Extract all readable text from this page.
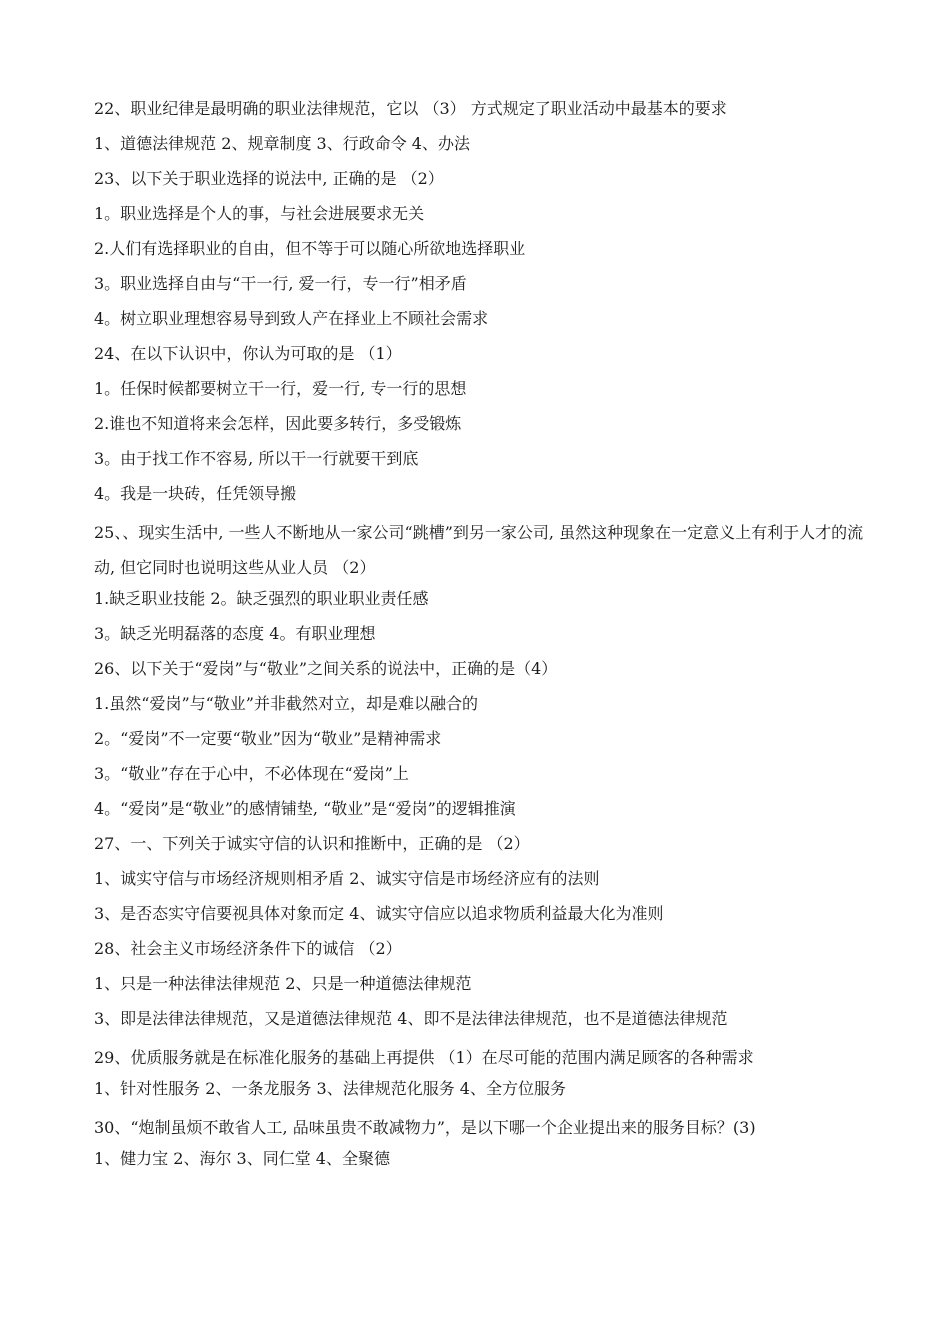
22、职业纪律是最明确的职业法律规范，它以 （3） 方式规定了职业活动中最基本的要求
1、道德法律规范 2、规章制度 3、行政命令 4、办法
23、以下关于职业选择的说法中, 正确的是 （2）
1。职业选择是个人的事，与社会进展要求无关
2.人们有选择职业的自由，但不等于可以随心所欲地选择职业
3。职业选择自由与“干一行, 爱一行，专一行”相矛盾
4。树立职业理想容易导到致人产在择业上不顾社会需求
24、在以下认识中，你认为可取的是 （1）
1。任保时候都要树立干一行，爱一行, 专一行的思想
2.谁也不知道将来会怎样，因此要多转行，多受锻炼
3。由于找工作不容易, 所以干一行就要干到底
4。我是一块砖，任凭领导搬
25、、现实生活中, 一些人不断地从一家公司“跳槽”到另一家公司, 虽然这种现象在一定意义上有利于人才的流动, 但它同时也说明这些从业人员 （2）
1.缺乏职业技能 2。缺乏强烈的职业职业责任感
3。缺乏光明磊落的态度 4。有职业理想
26、以下关于“爱岗”与“敬业”之间关系的说法中，正确的是（4）
1.虽然“爱岗”与“敬业”并非截然对立，却是难以融合的
2。“爱岗”不一定要“敬业”因为“敬业”是精神需求
3。“敬业”存在于心中，不必体现在“爱岗”上
4。“爱岗”是“敬业”的感情铺垫, “敬业”是“爱岗”的逻辑推演
27、一、下列关于诚实守信的认识和推断中，正确的是 （2）
1、诚实守信与市场经济规则相矛盾 2、诚实守信是市场经济应有的法则
3、是否态实守信要视具体对象而定 4、诚实守信应以追求物质利益最大化为准则
28、社会主义市场经济条件下的诚信 （2）
1、只是一种法律法律规范 2、只是一种道德法律规范
3、即是法律法律规范，又是道德法律规范 4、即不是法律法律规范，也不是道德法律规范
29、优质服务就是在标准化服务的基础上再提供 （1）在尽可能的范围内满足顾客的各种需求
1、针对性服务 2、一条龙服务 3、法律规范化服务 4、全方位服务
30、“炮制虽烦不敢省人工, 品味虽贵不敢减物力”，是以下哪一个企业提出来的服务目标？(3)
1、健力宝 2、海尔 3、同仁堂 4、全聚德
